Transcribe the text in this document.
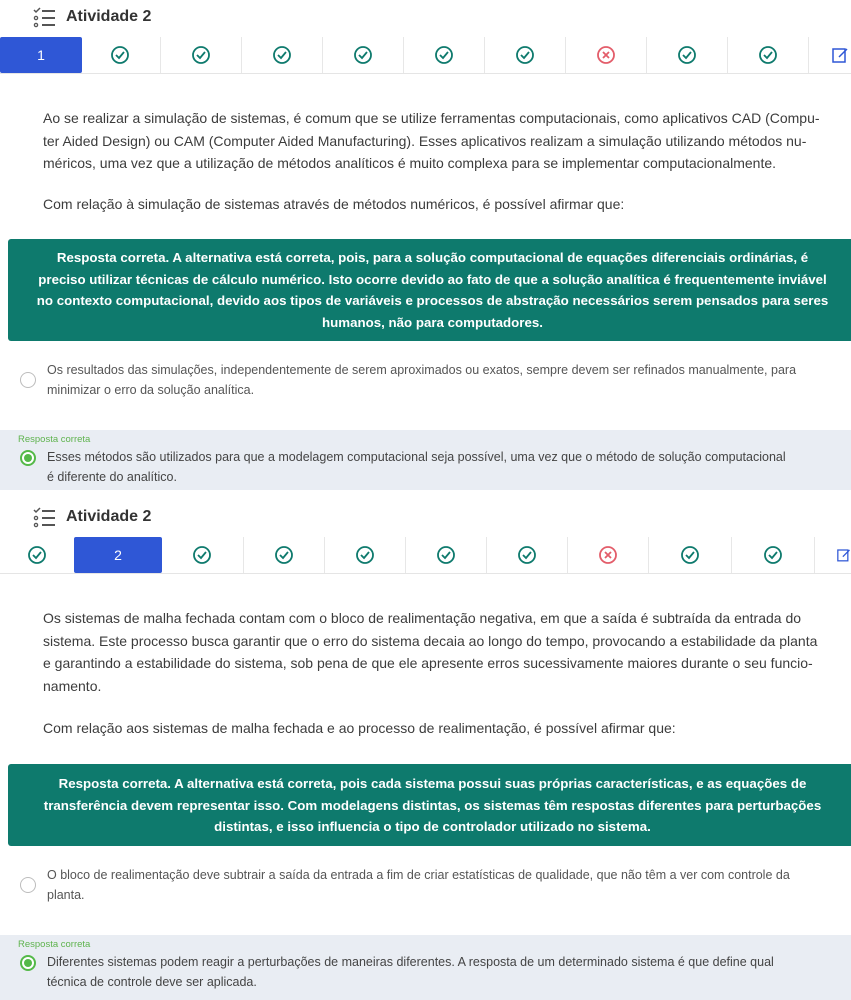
Atividade 2
1
Ao se realizar a simulação de sistemas, é comum que se utilize ferramentas computacionais, como aplicativos CAD (Compu-
ter Aided Design) ou CAM (Computer Aided Manufacturing). Esses aplicativos realizam a simulação utilizando métodos nu-
méricos, uma vez que a utilização de métodos analíticos é muito complexa para se implementar computacionalmente.
Com relação à simulação de sistemas através de métodos numéricos, é possível afirmar que:
Resposta correta. A alternativa está correta, pois, para a solução computacional de equações diferenciais ordinárias, é
preciso utilizar técnicas de cálculo numérico. Isto ocorre devido ao fato de que a solução analítica é frequentemente inviável
no contexto computacional, devido aos tipos de variáveis e processos de abstração necessários serem pensados para seres
humanos, não para computadores.
Os resultados das simulações, independentemente de serem aproximados ou exatos, sempre devem ser refinados manualmente, para
minimizar o erro da solução analítica.
Resposta correta
Esses métodos são utilizados para que a modelagem computacional seja possível, uma vez que o método de solução computacional
é diferente do analítico.
Atividade 2
2
Os sistemas de malha fechada contam com o bloco de realimentação negativa, em que a saída é subtraída da entrada do
sistema. Este processo busca garantir que o erro do sistema decaia ao longo do tempo, provocando a estabilidade da planta
e garantindo a estabilidade do sistema, sob pena de que ele apresente erros sucessivamente maiores durante o seu funcio-
namento.
Com relação aos sistemas de malha fechada e ao processo de realimentação, é possível afirmar que:
Resposta correta. A alternativa está correta, pois cada sistema possui suas próprias características, e as equações de
transferência devem representar isso. Com modelagens distintas, os sistemas têm respostas diferentes para perturbações
distintas, e isso influencia o tipo de controlador utilizado no sistema.
O bloco de realimentação deve subtrair a saída da entrada a fim de criar estatísticas de qualidade, que não têm a ver com controle da
planta.
Resposta correta
Diferentes sistemas podem reagir a perturbações de maneiras diferentes. A resposta de um determinado sistema é que define qual
técnica de controle deve ser aplicada.
